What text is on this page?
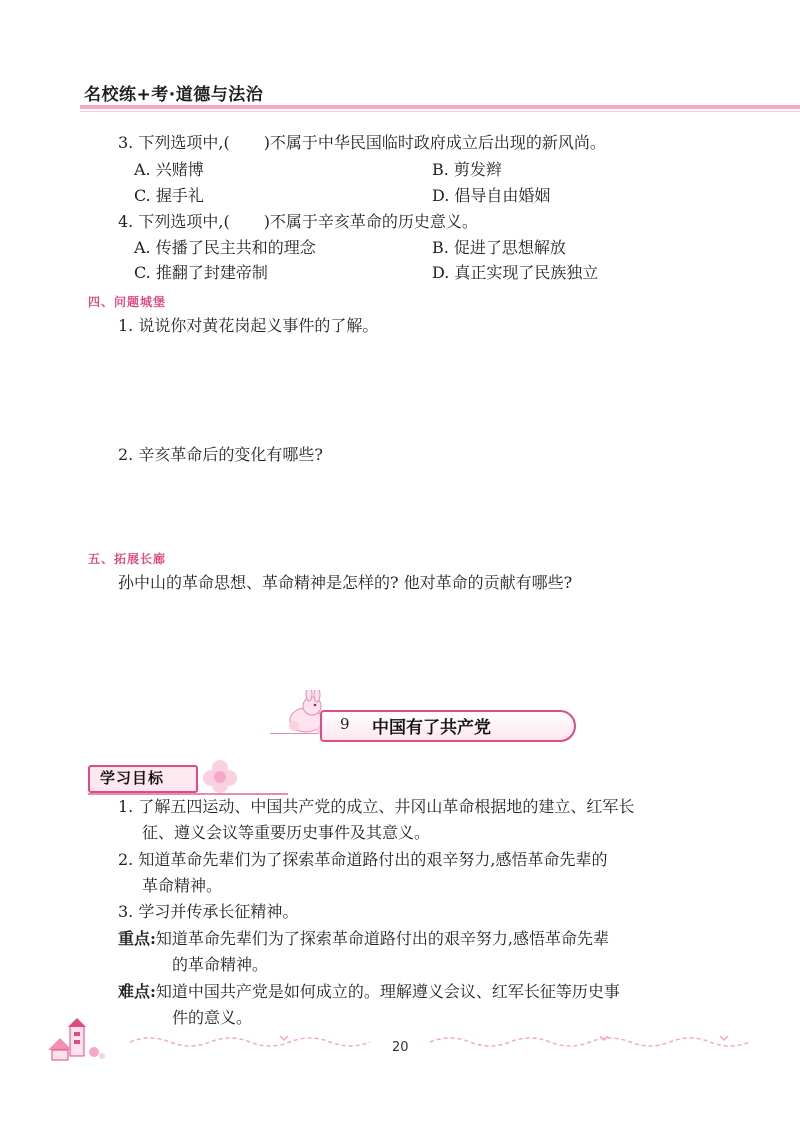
名校练+考·道德与法治
3. 下列选项中,( )不属于中华民国临时政府成立后出现的新风尚。
A. 兴赌博	B. 剪发辫
C. 握手礼	D. 倡导自由婚姻
4. 下列选项中,( )不属于辛亥革命的历史意义。
A. 传播了民主共和的理念	B. 促进了思想解放
C. 推翻了封建帝制	D. 真正实现了民族独立
四、问题城堡
1. 说说你对黄花岗起义事件的了解。
2. 辛亥革命后的变化有哪些?
五、拓展长廊
孙中山的革命思想、革命精神是怎样的? 他对革命的贡献有哪些?
9 中国有了共产党
学习目标
1. 了解五四运动、中国共产党的成立、井冈山革命根据地的建立、红军长
征、遵义会议等重要历史事件及其意义。
2. 知道革命先辈们为了探索革命道路付出的艰辛努力,感悟革命先辈的
革命精神。
3. 学习并传承长征精神。
重点:知道革命先辈们为了探索革命道路付出的艰辛努力,感悟革命先辈
的革命精神。
难点:知道中国共产党是如何成立的。理解遵义会议、红军长征等历史事
件的意义。
20
